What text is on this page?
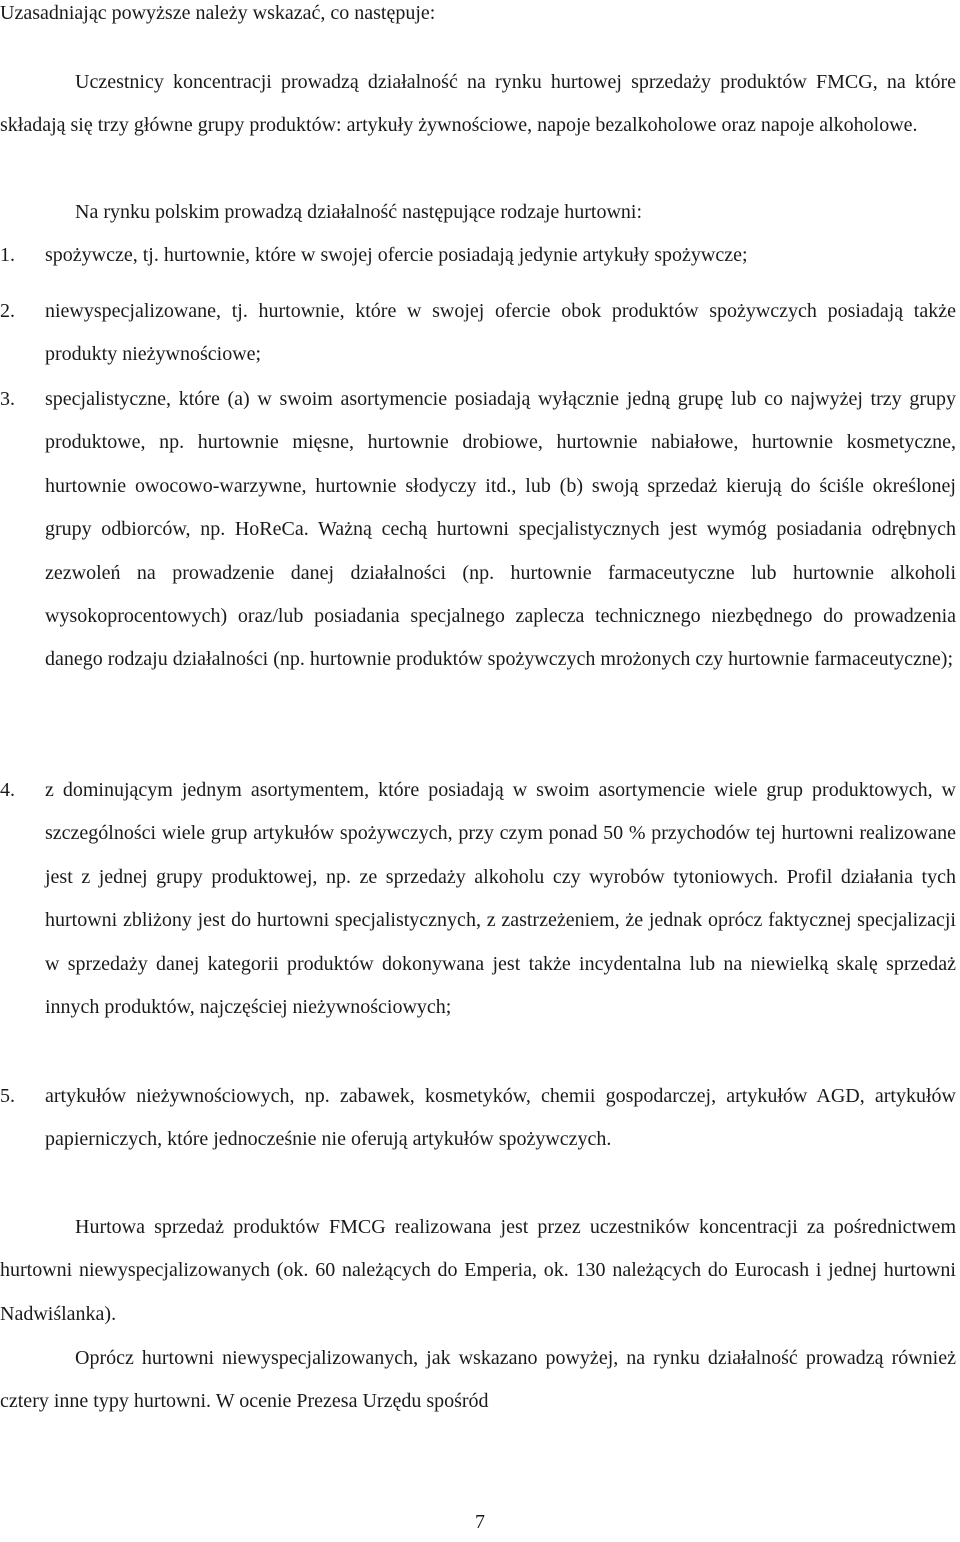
Uzasadniając powyższe należy wskazać, co następuje:

Uczestnicy koncentracji prowadzą działalność na rynku hurtowej sprzedaży produktów FMCG, na które składają się trzy główne grupy produktów: artykuły żywnościowe, napoje bezalkoholowe oraz napoje alkoholowe.

Na rynku polskim prowadzą działalność następujące rodzaje hurtowni:

1.	spożywcze, tj. hurtownie, które w swojej ofercie posiadają jedynie artykuły spożywcze;
2.	niewyspecjalizowane, tj. hurtownie, które w swojej ofercie obok produktów spożywczych posiadają także produkty nieżywnościowe;
3.	specjalistyczne, które (a) w swoim asortymencie posiadają wyłącznie jedną grupę lub co najwyżej trzy grupy produktowe, np. hurtownie mięsne, hurtownie drobiowe, hurtownie nabiałowe, hurtownie kosmetyczne, hurtownie owocowo-warzywne, hurtownie słodyczy itd., lub (b) swoją sprzedaż kierują do ściśle określonej grupy odbiorców, np. HoReCa. Ważną cechą hurtowni specjalistycznych jest wymóg posiadania odrębnych zezwoleń na prowadzenie danej działalności (np. hurtownie farmaceutyczne lub hurtownie alkoholi wysokoprocentowych) oraz/lub posiadania specjalnego zaplecza technicznego niezbędnego do prowadzenia danego rodzaju działalności (np. hurtownie produktów spożywczych mrożonych czy hurtownie farmaceutyczne);
4.	z dominującym jednym asortymentem, które posiadają w swoim asortymencie wiele grup produktowych, w szczególności wiele grup artykułów spożywczych, przy czym ponad 50 % przychodów tej hurtowni realizowane jest z jednej grupy produktowej, np. ze sprzedaży alkoholu czy wyrobów tytoniowych. Profil działania tych hurtowni zbliżony jest do hurtowni specjalistycznych, z zastrzeżeniem, że jednak oprócz faktycznej specjalizacji w sprzedaży danej kategorii produktów dokonywana jest także incydentalna lub na niewielką skalę sprzedaż innych produktów, najczęściej nieżywnościowych;
5.	artykułów nieżywnościowych, np. zabawek, kosmetyków, chemii gospodarczej, artykułów AGD, artykułów papierniczych, które jednocześnie nie oferują artykułów spożywczych.

Hurtowa sprzedaż produktów FMCG realizowana jest przez uczestników koncentracji za pośrednictwem hurtowni niewyspecjalizowanych (ok. 60 należących do Emperia, ok. 130 należących do Eurocash i jednej hurtowni Nadwiślanka).

Oprócz hurtowni niewyspecjalizowanych, jak wskazano powyżej, na rynku działalność prowadzą również cztery inne typy hurtowni. W ocenie Prezesa Urzędu spośród

7
